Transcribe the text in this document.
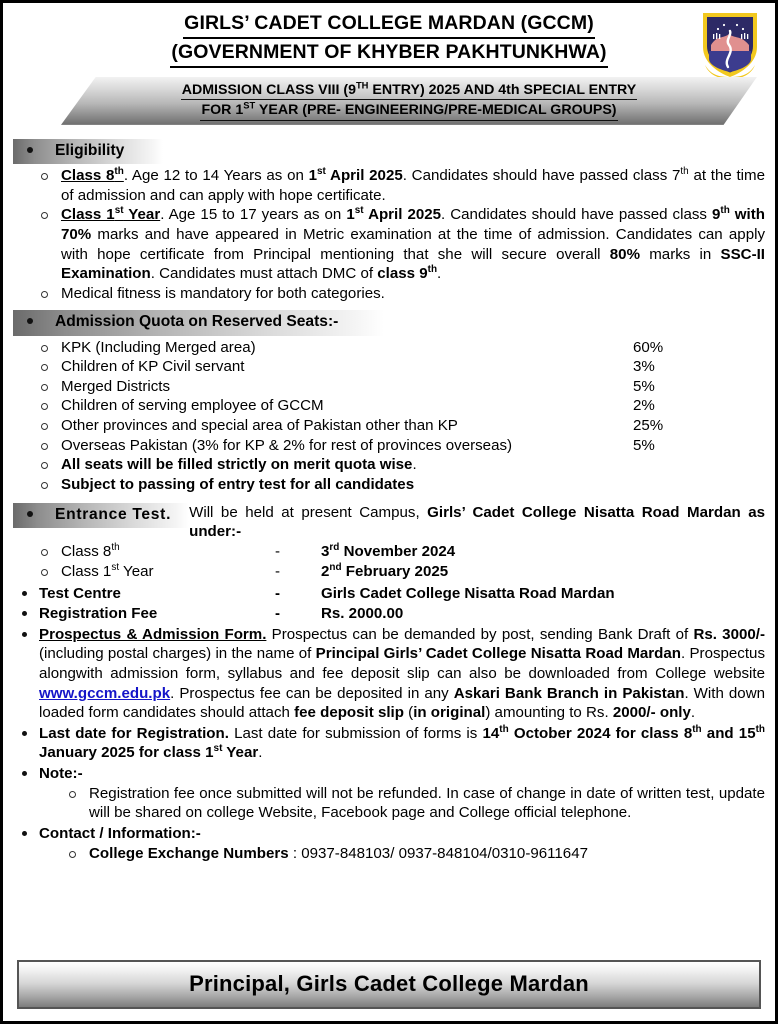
GC CM
GIRLS’ CADET COLLEGE MARDAN (GCCM) (GOVERNMENT OF KHYBER PAKHTUNKHWA)
ADMISSION CLASS VIII (9TH ENTRY) 2025 AND 4th SPECIAL ENTRY
FOR 1ST YEAR (PRE- ENGINEERING/PRE-MEDICAL GROUPS)
Eligibility
Class 8th. Age 12 to 14 Years as on 1st April 2025. Candidates should have passed class 7th at the time of admission and can apply with hope certificate.
Class 1st Year. Age 15 to 17 years as on 1st April 2025. Candidates should have passed class 9th with 70% marks and have appeared in Metric examination at the time of admission. Candidates can apply with hope certificate from Principal mentioning that she will secure overall 80% marks in SSC-II Examination. Candidates must attach DMC of class 9th.
Medical fitness is mandatory for both categories.
Admission Quota on Reserved Seats:-
KPK (Including Merged area)	60%
Children of KP Civil servant	3%
Merged Districts	5%
Children of serving employee of GCCM	2%
Other provinces and special area of Pakistan other than KP	25%
Overseas Pakistan (3% for KP & 2% for rest of provinces overseas)	5%
All seats will be filled strictly on merit quota wise.
Subject to passing of entry test for all candidates
Entrance Test.	Will be held at present Campus, Girls’ Cadet College Nisatta Road Mardan as under:-
Class 8th	-	3rd November 2024
Class 1st Year	-	2nd February 2025
Test Centre	-	Girls Cadet College Nisatta Road Mardan
Registration Fee	-	Rs. 2000.00
Prospectus & Admission Form. Prospectus can be demanded by post, sending Bank Draft of Rs. 3000/- (including postal charges) in the name of Principal Girls’ Cadet College Nisatta Road Mardan. Prospectus alongwith admission form, syllabus and fee deposit slip can also be downloaded from College website www.gccm.edu.pk. Prospectus fee can be deposited in any Askari Bank Branch in Pakistan. With down loaded form candidates should attach fee deposit slip (in original) amounting to Rs. 2000/- only.
Last date for Registration. Last date for submission of forms is 14th October 2024 for class 8th and 15th January 2025 for class 1st Year.
Note:-
Registration fee once submitted will not be refunded. In case of change in date of written test, update will be shared on college Website, Facebook page and College official telephone.
Contact / Information:-
College Exchange Numbers : 0937-848103/ 0937-848104/0310-9611647
Principal, Girls Cadet College Mardan
